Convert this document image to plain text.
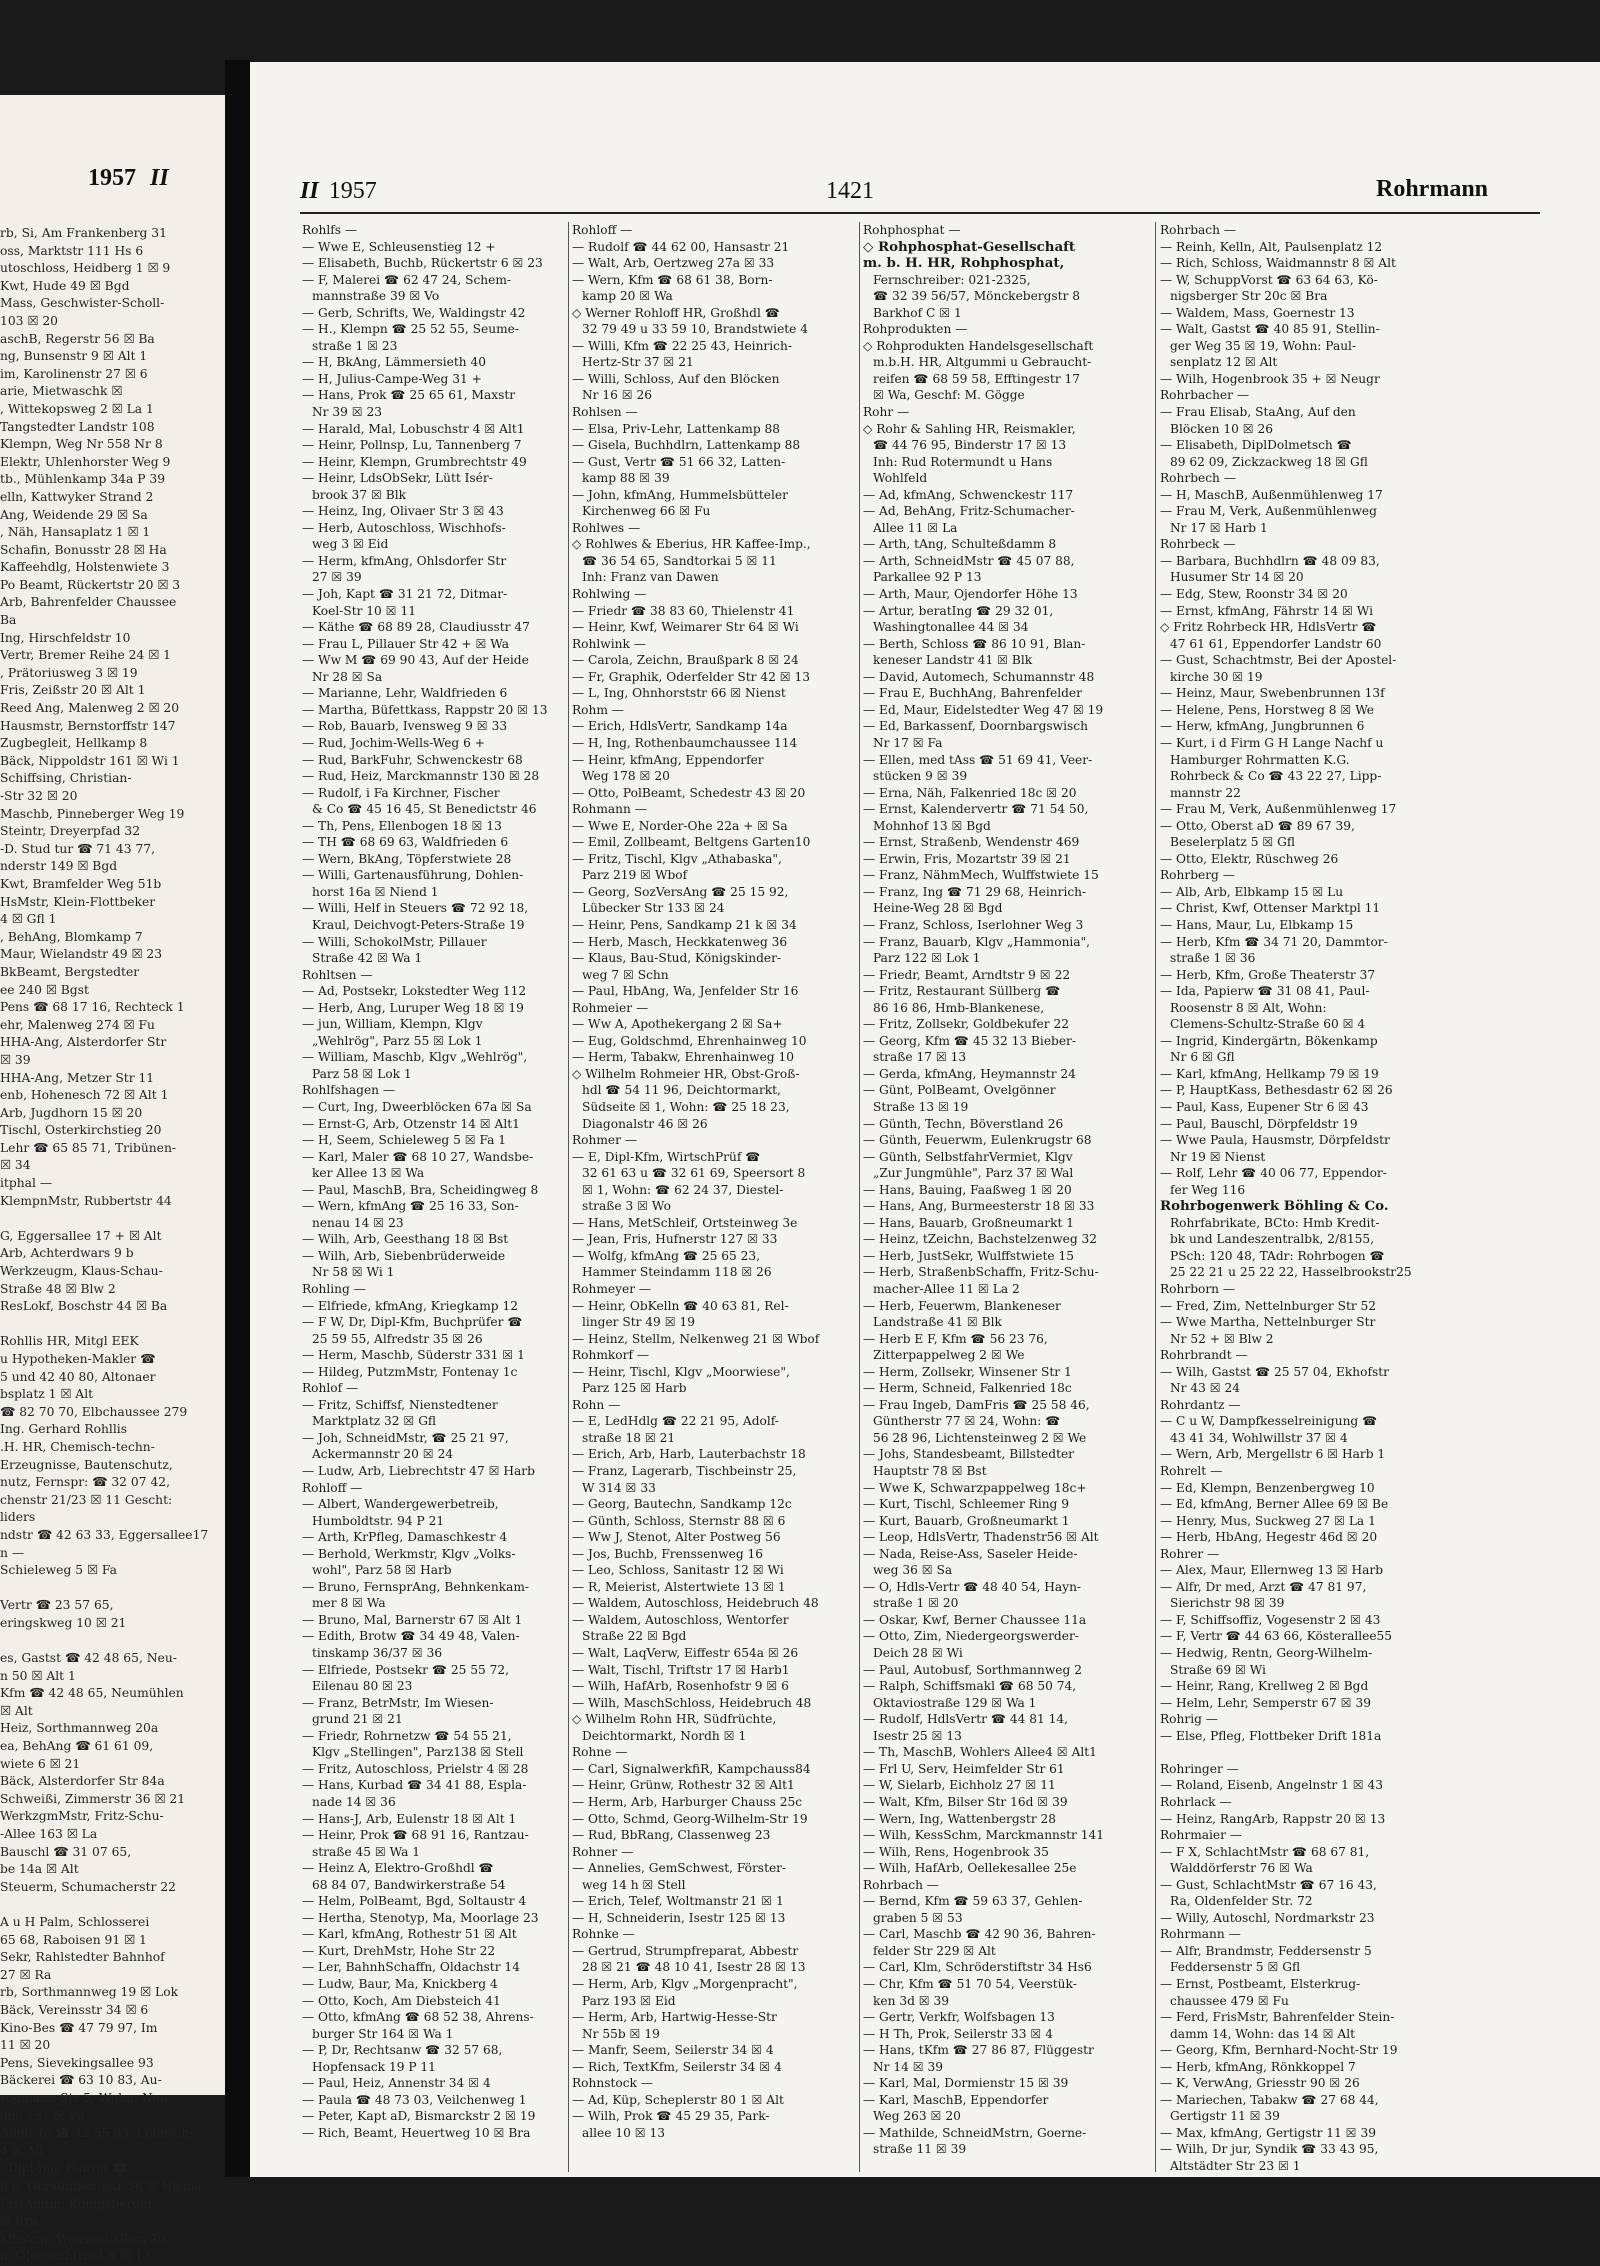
1957 II
rb, Si, Am Frankenberg 31
oss, Marktstr 111 Hs 6
utoschloss, Heidberg 1 ☒ 9
Kwt, Hude 49 ☒ Bgd
Mass, Geschwister-Scholl-
103 ☒ 20
aschB, Regerstr 56 ☒ Ba
ng, Bunsenstr 9 ☒ Alt 1
im, Karolinenstr 27 ☒ 6
arie, Mietwaschk ☒
, Wittekopsweg 2 ☒ La 1
Tangstedter Landstr 108
Klempn, Weg Nr 558 Nr 8
Elektr, Uhlenhorster Weg 9
tb., Mühlenkamp 34a P 39
elln, Kattwyker Strand 2
Ang, Weidende 29 ☒ Sa
, Näh, Hansaplatz 1 ☒ 1
Schafin, Bonusstr 28 ☒ Ha
Kaffeehdlg, Holstenwiete 3
Po Beamt, Rückertstr 20 ☒ 3
Arb, Bahrenfelder Chaussee
Ba
Ing, Hirschfeldstr 10
Vertr, Bremer Reihe 24 ☒ 1
, Prätoriusweg 3 ☒ 19
Fris, Zeißstr 20 ☒ Alt 1
Reed Ang, Malenweg 2 ☒ 20
Hausmstr, Bernstorffstr 147
Zugbegleit, Hellkamp 8
Bäck, Nippoldstr 161 ☒ Wi 1
Schiffsing, Christian-
-Str 32 ☒ 20
Maschb, Pinneberger Weg 19
Steintr, Dreyerpfad 32
-D. Stud tur ☎ 71 43 77,
nderstr 149 ☒ Bgd
Kwt, Bramfelder Weg 51b
HsMstr, Klein-Flottbeker
4 ☒ Gfl 1
, BehAng, Blomkamp 7
Maur, Wielandstr 49 ☒ 23
BkBeamt, Bergstedter
ee 240 ☒ Bgst
Pens ☎ 68 17 16, Rechteck 1
ehr, Malenweg 274 ☒ Fu
HHA-Ang, Alsterdorfer Str
☒ 39
HHA-Ang, Metzer Str 11
enb, Hohenesch 72 ☒ Alt 1
Arb, Jugdhorn 15 ☒ 20
Tischl, Osterkirchstieg 20
Lehr ☎ 65 85 71, Tribünen-
☒ 34
itphal —
KlempnMstr, Rubbertstr 44

G, Eggersallee 17 + ☒ Alt
Arb, Achterdwars 9 b
Werkzeugm, Klaus-Schau-
Straße 48 ☒ Blw 2
ResLokf, Boschstr 44 ☒ Ba

Rohllis HR, Mitgl EEK
u Hypotheken-Makler ☎
5 und 42 40 80, Altonaer
bsplatz 1 ☒ Alt
☎ 82 70 70, Elbchaussee 279
Ing. Gerhard Rohllis
.H. HR, Chemisch-techn-
Erzeugnisse, Bautenschutz,
nutz, Fernspr: ☎ 32 07 42,
chenstr 21/23 ☒ 11 Gescht:
liders
ndstr ☎ 42 63 33, Eggersallee17
n —
Schieleweg 5 ☒ Fa

Vertr ☎ 23 57 65,
eringskweg 10 ☒ 21

es, Gastst ☎ 42 48 65, Neu-
n 50 ☒ Alt 1
Kfm ☎ 42 48 65, Neumühlen
☒ Alt
Heiz, Sorthmannweg 20a
ea, BehAng ☎ 61 61 09,
wiete 6 ☒ 21
Bäck, Alsterdorfer Str 84a
Schweißi, Zimmerstr 36 ☒ 21
WerkzgmMstr, Fritz-Schu-
-Allee 163 ☒ La
Bauschl ☎ 31 07 65,
be 14a ☒ Alt
Steuerm, Schumacherstr 22

A u H Palm, Schlosserei
65 68, Raboisen 91 ☒ 1
Sekr, Rahlstedter Bahnhof
27 ☒ Ra
rb, Sorthmannweg 19 ☒ Lok
Bäck, Vereinsstr 34 ☒ 6
Kino-Bes ☎ 47 79 97, Im
11 ☒ 20
Pens, Sievekingsallee 93
Bäckerei ☎ 63 10 83, Au-
rogmann-Str 5, Wohn: Neu
and 131 ☒ Fa
Auguste ☎ 42 55 83, Lobusch-
4 ☒ Alt
, Dipl-Ing, Baurat ☎
9 6, Gerstenbergstr 36 ☒ Nienst
JustAmtm, Königsberger
☒ Bra
kfmAng, Wensenbalken 70
n, Olewischtwiet 9 ☒ 13
II 1957	1421	Rohrmann
Rohlfs —
— Wwe E, Schleusenstieg 12 +
— Elisabeth, Buchb, Rückertstr 6 ☒ 23
— F, Malerei ☎ 62 47 24, Schem-
mannstraße 39 ☒ Vo
— Gerb, Schrifts, We, Waldingstr 42
— H., Klempn ☎ 25 52 55, Seume-
straße 1 ☒ 23
— H, BkAng, Lämmersieth 40
— H, Julius-Campe-Weg 31 +
— Hans, Prok ☎ 25 65 61, Maxstr
Nr 39 ☒ 23
— Harald, Mal, Lobuschstr 4 ☒ Alt1
— Heinr, Pollnsp, Lu, Tannenberg 7
— Heinr, Klempn, Grumbrechtstr 49
— Heinr, LdsObSekr, Lütt Isér-
brook 37 ☒ Blk
— Heinz, Ing, Olivaer Str 3 ☒ 43
— Herb, Autoschloss, Wischhofs-
weg 3 ☒ Eid
— Herm, kfmAng, Ohlsdorfer Str
27 ☒ 39
— Joh, Kapt ☎ 31 21 72, Ditmar-
Koel-Str 10 ☒ 11
— Käthe ☎ 68 89 28, Claudiusstr 47
— Frau L, Pillauer Str 42 + ☒ Wa
— Ww M ☎ 69 90 43, Auf der Heide
Nr 28 ☒ Sa
— Marianne, Lehr, Waldfrieden 6
— Martha, Büfettkass, Rappstr 20 ☒ 13
— Rob, Bauarb, Ivensweg 9 ☒ 33
— Rud, Jochim-Wells-Weg 6 +
— Rud, BarkFuhr, Schwenckestr 68
— Rud, Heiz, Marckmannstr 130 ☒ 28
— Rudolf, i Fa Kirchner, Fischer
& Co ☎ 45 16 45, St Benedictstr 46
— Th, Pens, Ellenbogen 18 ☒ 13
— TH ☎ 68 69 63, Waldfrieden 6
— Wern, BkAng, Töpferstwiete 28
— Willi, Gartenausführung, Dohlen-
horst 16a ☒ Niend 1
— Willi, Helf in Steuers ☎ 72 92 18,
Kraul, Deichvogt-Peters-Straße 19
— Willi, SchokolMstr, Pillauer
Straße 42 ☒ Wa 1
Rohltsen —
— Ad, Postsekr, Lokstedter Weg 112
— Herb, Ang, Luruper Weg 18 ☒ 19
— jun, William, Klempn, Klgv
„Wehlrög", Parz 55 ☒ Lok 1
— William, Maschb, Klgv „Wehlrög",
Parz 58 ☒ Lok 1
Rohlfshagen —
— Curt, Ing, Dweerblöcken 67a ☒ Sa
— Ernst-G, Arb, Otzenstr 14 ☒ Alt1
— H, Seem, Schieleweg 5 ☒ Fa 1
— Karl, Maler ☎ 68 10 27, Wandsbe-
ker Allee 13 ☒ Wa
— Paul, MaschB, Bra, Scheidingweg 8
— Wern, kfmAng ☎ 25 16 33, Son-
nenau 14 ☒ 23
— Wilh, Arb, Geesthang 18 ☒ Bst
— Wilh, Arb, Siebenbrüderweide
Nr 58 ☒ Wi 1
Rohling —
— Elfriede, kfmAng, Kriegkamp 12
— F W, Dr, Dipl-Kfm, Buchprüfer ☎
25 59 55, Alfredstr 35 ☒ 26
— Herm, Maschb, Süderstr 331 ☒ 1
— Hildeg, PutzmMstr, Fontenay 1c
Rohlof —
— Fritz, Schiffsf, Nienstedtener
Marktplatz 32 ☒ Gfl
— Joh, SchneidMstr, ☎ 25 21 97,
Ackermannstr 20 ☒ 24
— Ludw, Arb, Liebrechtstr 47 ☒ Harb
Rohloff —
— Albert, Wandergewerbetreib,
Humboldtstr. 94 P 21
— Arth, KrPfleg, Damaschkestr 4
— Berhold, Werkmstr, Klgv „Volks-
wohl", Parz 58 ☒ Harb
— Bruno, FernsprAng, Behnkenkam-
mer 8 ☒ Wa
— Bruno, Mal, Barnerstr 67 ☒ Alt 1
— Edith, Brotw ☎ 34 49 48, Valen-
tinskamp 36/37 ☒ 36
— Elfriede, Postsekr ☎ 25 55 72,
Eilenau 80 ☒ 23
— Franz, BetrMstr, Im Wiesen-
grund 21 ☒ 21
— Friedr, Rohrnetzw ☎ 54 55 21,
Klgv „Stellingen", Parz138 ☒ Stell
— Fritz, Autoschloss, Prielstr 4 ☒ 28
— Hans, Kurbad ☎ 34 41 88, Espla-
nade 14 ☒ 36
— Hans-J, Arb, Eulenstr 18 ☒ Alt 1
— Heinr, Prok ☎ 68 91 16, Rantzau-
straße 45 ☒ Wa 1
— Heinz A, Elektro-Großhdl ☎
68 84 07, Bandwirkerstraße 54
— Helm, PolBeamt, Bgd, Soltaustr 4
— Hertha, Stenotyp, Ma, Moorlage 23
— Karl, kfmAng, Rothestr 51 ☒ Alt
— Kurt, DrehMstr, Hohe Str 22
— Ler, BahnhSchaffn, Oldachstr 14
— Ludw, Baur, Ma, Knickberg 4
— Otto, Koch, Am Diebsteich 41
— Otto, kfmAng ☎ 68 52 38, Ahrens-
burger Str 164 ☒ Wa 1
— P, Dr, Rechtsanw ☎ 32 57 68,
Hopfensack 19 P 11
— Paul, Heiz, Annenstr 34 ☒ 4
— Paula ☎ 48 73 03, Veilchenweg 1
— Peter, Kapt aD, Bismarckstr 2 ☒ 19
— Rich, Beamt, Heuertweg 10 ☒ Bra
Rohloff —
— Rudolf ☎ 44 62 00, Hansastr 21
— Walt, Arb, Oertzweg 27a ☒ 33
— Wern, Kfm ☎ 68 61 38, Born-
kamp 20 ☒ Wa
◇ Werner Rohloff HR, Großhdl ☎
32 79 49 u 33 59 10, Brandstwiete 4
— Willi, Kfm ☎ 22 25 43, Heinrich-
Hertz-Str 37 ☒ 21
— Willi, Schloss, Auf den Blöcken
Nr 16 ☒ 26
Rohlsen —
— Elsa, Priv-Lehr, Lattenkamp 88
— Gisela, Buchhdlrn, Lattenkamp 88
— Gust, Vertr ☎ 51 66 32, Latten-
kamp 88 ☒ 39
— John, kfmAng, Hummelsbütteler
Kirchenweg 66 ☒ Fu
Rohlwes —
◇ Rohlwes & Eberius, HR Kaffee-Imp.,
☎ 36 54 65, Sandtorkai 5 ☒ 11
Inh: Franz van Dawen
Rohlwing —
— Friedr ☎ 38 83 60, Thielenstr 41
— Heinr, Kwf, Weimarer Str 64 ☒ Wi
Rohlwink —
— Carola, Zeichn, Braußpark 8 ☒ 24
— Fr, Graphik, Oderfelder Str 42 ☒ 13
— L, Ing, Ohnhorststr 66 ☒ Nienst
Rohm —
— Erich, HdlsVertr, Sandkamp 14a
— H, Ing, Rothenbaumchaussee 114
— Heinr, kfmAng, Eppendorfer
Weg 178 ☒ 20
— Otto, PolBeamt, Schedestr 43 ☒ 20
Rohmann —
— Wwe E, Norder-Ohe 22a + ☒ Sa
— Emil, Zollbeamt, Beltgens Garten10
— Fritz, Tischl, Klgv „Athabaska",
Parz 219 ☒ Wbof
— Georg, SozVersAng ☎ 25 15 92,
Lübecker Str 133 ☒ 24
— Heinr, Pens, Sandkamp 21 k ☒ 34
— Herb, Masch, Heckkatenweg 36
— Klaus, Bau-Stud, Königskinder-
weg 7 ☒ Schn
— Paul, HbAng, Wa, Jenfelder Str 16
Rohmeier —
— Ww A, Apothekergang 2 ☒ Sa+
— Eug, Goldschmd, Ehrenhainweg 10
— Herm, Tabakw, Ehrenhainweg 10
◇ Wilhelm Rohmeier HR, Obst-Groß-
hdl ☎ 54 11 96, Deichtormarkt,
Südseite ☒ 1, Wohn: ☎ 25 18 23,
Diagonalstr 46 ☒ 26
Rohmer —
— E, Dipl-Kfm, WirtschPrüf ☎
32 61 63 u ☎ 32 61 69, Speersort 8
☒ 1, Wohn: ☎ 62 24 37, Diestel-
straße 3 ☒ Wo
— Hans, MetSchleif, Ortsteinweg 3e
— Jean, Fris, Hufnerstr 127 ☒ 33
— Wolfg, kfmAng ☎ 25 65 23,
Hammer Steindamm 118 ☒ 26
Rohmeyer —
— Heinr, ObKelln ☎ 40 63 81, Rel-
linger Str 49 ☒ 19
— Heinz, Stellm, Nelkenweg 21 ☒ Wbof
Rohmkorf —
— Heinr, Tischl, Klgv „Moorwiese",
Parz 125 ☒ Harb
Rohn —
— E, LedHdlg ☎ 22 21 95, Adolf-
straße 18 ☒ 21
— Erich, Arb, Harb, Lauterbachstr 18
— Franz, Lagerarb, Tischbeinstr 25,
W 314 ☒ 33
— Georg, Bautechn, Sandkamp 12c
— Günth, Schloss, Sternstr 88 ☒ 6
— Ww J, Stenot, Alter Postweg 56
— Jos, Buchb, Frenssenweg 16
— Leo, Schloss, Sanitastr 12 ☒ Wi
— R, Meierist, Alstertwiete 13 ☒ 1
— Waldem, Autoschloss, Heidebruch 48
— Waldem, Autoschloss, Wentorfer
Straße 22 ☒ Bgd
— Walt, LaqVerw, Eiffestr 654a ☒ 26
— Walt, Tischl, Triftstr 17 ☒ Harb1
— Wilh, HafArb, Rosenhofstr 9 ☒ 6
— Wilh, MaschSchloss, Heidebruch 48
◇ Wilhelm Rohn HR, Südfrüchte,
Deichtormarkt, Nordh ☒ 1
Rohne —
— Carl, SignalwerkfiR, Kampchauss84
— Heinr, Grünw, Rothestr 32 ☒ Alt1
— Herm, Arb, Harburger Chauss 25c
— Otto, Schmd, Georg-Wilhelm-Str 19
— Rud, BbRang, Classenweg 23
Rohner —
— Annelies, GemSchwest, Förster-
weg 14 h ☒ Stell
— Erich, Telef, Woltmanstr 21 ☒ 1
— H, Schneiderin, Isestr 125 ☒ 13
Rohnke —
— Gertrud, Strumpfreparat, Abbestr
28 ☒ 21 ☎ 48 10 41, Isestr 28 ☒ 13
— Herm, Arb, Klgv „Morgenpracht",
Parz 193 ☒ Eid
— Herm, Arb, Hartwig-Hesse-Str
Nr 55b ☒ 19
— Manfr, Seem, Seilerstr 34 ☒ 4
— Rich, TextKfm, Seilerstr 34 ☒ 4
Rohnstock —
— Ad, Küp, Scheplerstr 80 1 ☒ Alt
— Wilh, Prok ☎ 45 29 35, Park-
allee 10 ☒ 13
Rohphosphat —
◇ Rohphosphat-Gesellschaft
m. b. H. HR, Rohphosphat,
Fernschreiber: 021-2325,
☎ 32 39 56/57, Mönckebergstr 8
Barkhof C ☒ 1
Rohprodukten —
◇ Rohprodukten Handelsgesellschaft
m.b.H. HR, Altgummi u Gebraucht-
reifen ☎ 68 59 58, Efftingestr 17
☒ Wa, Geschf: M. Gögge
Rohr —
◇ Rohr & Sahling HR, Reismakler,
☎ 44 76 95, Binderstr 17 ☒ 13
Inh: Rud Rotermundt u Hans
Wohlfeld
— Ad, kfmAng, Schwenckestr 117
— Ad, BehAng, Fritz-Schumacher-
Allee 11 ☒ La
— Arth, tAng, Schulteßdamm 8
— Arth, SchneidMstr ☎ 45 07 88,
Parkallee 92 P 13
— Arth, Maur, Ojendorfer Höhe 13
— Artur, beratIng ☎ 29 32 01,
Washingtonallee 44 ☒ 34
— Berth, Schloss ☎ 86 10 91, Blan-
keneser Landstr 41 ☒ Blk
— David, Automech, Schumannstr 48
— Frau E, BuchhAng, Bahrenfelder
— Ed, Maur, Eidelstedter Weg 47 ☒ 19
— Ed, Barkassenf, Doornbargswisch
Nr 17 ☒ Fa
— Ellen, med tAss ☎ 51 69 41, Veer-
stücken 9 ☒ 39
— Erna, Näh, Falkenried 18c ☒ 20
— Ernst, Kalendervertr ☎ 71 54 50,
Mohnhof 13 ☒ Bgd
— Ernst, Straßenb, Wendenstr 469
— Erwin, Fris, Mozartstr 39 ☒ 21
— Franz, NähmMech, Wulffstwiete 15
— Franz, Ing ☎ 71 29 68, Heinrich-
Heine-Weg 28 ☒ Bgd
— Franz, Schloss, Iserlohner Weg 3
— Franz, Bauarb, Klgv „Hammonia",
Parz 122 ☒ Lok 1
— Friedr, Beamt, Arndtstr 9 ☒ 22
— Fritz, Restaurant Süllberg ☎
86 16 86, Hmb-Blankenese,
— Fritz, Zollsekr, Goldbekufer 22
— Georg, Kfm ☎ 45 32 13 Bieber-
straße 17 ☒ 13
— Gerda, kfmAng, Heymannstr 24
— Günt, PolBeamt, Ovelgönner
Straße 13 ☒ 19
— Günth, Techn, Böverstland 26
— Günth, Feuerwm, Eulenkrugstr 68
— Günth, SelbstfahrVermiet, Klgv
„Zur Jungmühle", Parz 37 ☒ Wal
— Hans, Bauing, Faaßweg 1 ☒ 20
— Hans, Ang, Burmeesterstr 18 ☒ 33
— Hans, Bauarb, Großneumarkt 1
— Heinz, tZeichn, Bachstelzenweg 32
— Herb, JustSekr, Wulffstwiete 15
— Herb, StraßenbSchaffn, Fritz-Schu-
macher-Allee 11 ☒ La 2
— Herb, Feuerwm, Blankeneser
Landstraße 41 ☒ Blk
— Herb E F, Kfm ☎ 56 23 76,
Zitterpappelweg 2 ☒ We
— Herm, Zollsekr, Winsener Str 1
— Herm, Schneid, Falkenried 18c
— Frau Ingeb, DamFris ☎ 25 58 46,
Güntherstr 77 ☒ 24, Wohn: ☎
56 28 96, Lichtensteinweg 2 ☒ We
— Johs, Standesbeamt, Billstedter
Hauptstr 78 ☒ Bst
— Wwe K, Schwarzpappelweg 18c+
— Kurt, Tischl, Schleemer Ring 9
— Kurt, Bauarb, Großneumarkt 1
— Leop, HdlsVertr, Thadenstr56 ☒ Alt
— Nada, Reise-Ass, Saseler Heide-
weg 36 ☒ Sa
— O, Hdls-Vertr ☎ 48 40 54, Hayn-
straße 1 ☒ 20
— Oskar, Kwf, Berner Chaussee 11a
— Otto, Zim, Niedergeorgswerder-
Deich 28 ☒ Wi
— Paul, Autobusf, Sorthmannweg 2
— Ralph, Schiffsmakl ☎ 68 50 74,
Oktaviostraße 129 ☒ Wa 1
— Rudolf, HdlsVertr ☎ 44 81 14,
Isestr 25 ☒ 13
— Th, MaschB, Wohlers Allee4 ☒ Alt1
— Frl U, Serv, Heimfelder Str 61
— W, Sielarb, Eichholz 27 ☒ 11
— Walt, Kfm, Bilser Str 16d ☒ 39
— Wern, Ing, Wattenbergstr 28
— Wilh, KessSchm, Marckmannstr 141
— Wilh, Rens, Hogenbrook 35
— Wilh, HafArb, Oellekesallee 25e
Rohrbach —
— Bernd, Kfm ☎ 59 63 37, Gehlen-
graben 5 ☒ 53
— Carl, Maschb ☎ 42 90 36, Bahren-
felder Str 229 ☒ Alt
— Carl, Klm, Schröderstiftstr 34 Hs6
— Chr, Kfm ☎ 51 70 54, Veerstük-
ken 3d ☒ 39
— Gertr, Verkfr, Wolfsbagen 13
— H Th, Prok, Seilerstr 33 ☒ 4
— Hans, tKfm ☎ 27 86 87, Flüggestr
Nr 14 ☒ 39
— Karl, Mal, Dormienstr 15 ☒ 39
— Karl, MaschB, Eppendorfer
Weg 263 ☒ 20
— Mathilde, SchneidMstrn, Goerne-
straße 11 ☒ 39
Rohrbach —
— Reinh, Kelln, Alt, Paulsenplatz 12
— Rich, Schloss, Waidmannstr 8 ☒ Alt
— W, SchuppVorst ☎ 63 64 63, Kö-
nigsberger Str 20c ☒ Bra
— Waldem, Mass, Goernestr 13
— Walt, Gastst ☎ 40 85 91, Stellin-
ger Weg 35 ☒ 19, Wohn: Paul-
senplatz 12 ☒ Alt
— Wilh, Hogenbrook 35 + ☒ Neugr
Rohrbacher —
— Frau Elisab, StaAng, Auf den
Blöcken 10 ☒ 26
— Elisabeth, DiplDolmetsch ☎
89 62 09, Zickzackweg 18 ☒ Gfl
Rohrbech —
— H, MaschB, Außenmühlenweg 17
— Frau M, Verk, Außenmühlenweg
Nr 17 ☒ Harb 1
Rohrbeck —
— Barbara, Buchhdlrn ☎ 48 09 83,
Husumer Str 14 ☒ 20
— Edg, Stew, Roonstr 34 ☒ 20
— Ernst, kfmAng, Fährstr 14 ☒ Wi
◇ Fritz Rohrbeck HR, HdlsVertr ☎
47 61 61, Eppendorfer Landstr 60
— Gust, Schachtmstr, Bei der Apostel-
kirche 30 ☒ 19
— Heinz, Maur, Swebenbrunnen 13f
— Helene, Pens, Horstweg 8 ☒ We
— Herw, kfmAng, Jungbrunnen 6
— Kurt, i d Firm G H Lange Nachf u
Hamburger Rohrmatten K.G.
Rohrbeck & Co ☎ 43 22 27, Lipp-
mannstr 22
— Frau M, Verk, Außenmühlenweg 17
— Otto, Oberst aD ☎ 89 67 39,
Beselerplatz 5 ☒ Gfl
— Otto, Elektr, Rüschweg 26
Rohrberg —
— Alb, Arb, Elbkamp 15 ☒ Lu
— Christ, Kwf, Ottenser Marktpl 11
— Hans, Maur, Lu, Elbkamp 15
— Herb, Kfm ☎ 34 71 20, Dammtor-
straße 1 ☒ 36
— Herb, Kfm, Große Theaterstr 37
— Ida, Papierw ☎ 31 08 41, Paul-
Roosenstr 8 ☒ Alt, Wohn:
Clemens-Schultz-Straße 60 ☒ 4
— Ingrid, Kindergärtn, Bökenkamp
Nr 6 ☒ Gfl
— Karl, kfmAng, Hellkamp 79 ☒ 19
— P, HauptKass, Bethesdastr 62 ☒ 26
— Paul, Kass, Eupener Str 6 ☒ 43
— Paul, Bauschl, Dörpfeldstr 19
— Wwe Paula, Hausmstr, Dörpfeldstr
Nr 19 ☒ Nienst
— Rolf, Lehr ☎ 40 06 77, Eppendor-
fer Weg 116
Rohrbogenwerk Böhling & Co.
Rohrfabrikate, BCto: Hmb Kredit-
bk und Landeszentralbk, 2/8155,
PSch: 120 48, TAdr: Rohrbogen ☎
25 22 21 u 25 22 22, Hasselbrookstr25
Rohrborn —
— Fred, Zim, Nettelnburger Str 52
— Wwe Martha, Nettelnburger Str
Nr 52 + ☒ Blw 2
Rohrbrandt —
— Wilh, Gastst ☎ 25 57 04, Ekhofstr
Nr 43 ☒ 24
Rohrdantz —
— C u W, Dampfkesselreinigung ☎
43 41 34, Wohlwillstr 37 ☒ 4
— Wern, Arb, Mergellstr 6 ☒ Harb 1
Rohrelt —
— Ed, Klempn, Benzenbergweg 10
— Ed, kfmAng, Berner Allee 69 ☒ Be
— Henry, Mus, Suckweg 27 ☒ La 1
— Herb, HbAng, Hegestr 46d ☒ 20
Rohrer —
— Alex, Maur, Ellernweg 13 ☒ Harb
— Alfr, Dr med, Arzt ☎ 47 81 97,
Sierichstr 98 ☒ 39
— F, Schiffsoffiz, Vogesenstr 2 ☒ 43
— F, Vertr ☎ 44 63 66, Kösterallee55
— Hedwig, Rentn, Georg-Wilhelm-
Straße 69 ☒ Wi
— Heinr, Rang, Krellweg 2 ☒ Bgd
— Helm, Lehr, Semperstr 67 ☒ 39
Rohrig —
— Else, Pfleg, Flottbeker Drift 181a

Rohringer —
— Roland, Eisenb, Angelnstr 1 ☒ 43
Rohrlack —
— Heinz, RangArb, Rappstr 20 ☒ 13
Rohrmaier —
— F X, SchlachtMstr ☎ 68 67 81,
Walddörferstr 76 ☒ Wa
— Gust, SchlachtMstr ☎ 67 16 43,
Ra, Oldenfelder Str. 72
— Willy, Autoschl, Nordmarkstr 23
Rohrmann —
— Alfr, Brandmstr, Feddersenstr 5
Feddersenstr 5 ☒ Gfl
— Ernst, Postbeamt, Elsterkrug-
chaussee 479 ☒ Fu
— Ferd, FrisMstr, Bahrenfelder Stein-
damm 14, Wohn: das 14 ☒ Alt
— Georg, Kfm, Bernhard-Nocht-Str 19
— Herb, kfmAng, Rönkkoppel 7
— K, VerwAng, Griesstr 90 ☒ 26
— Mariechen, Tabakw ☎ 27 68 44,
Gertigstr 11 ☒ 39
— Max, kfmAng, Gertigstr 11 ☒ 39
— Wilh, Dr jur, Syndik ☎ 33 43 95,
Altstädter Str 23 ☒ 1
